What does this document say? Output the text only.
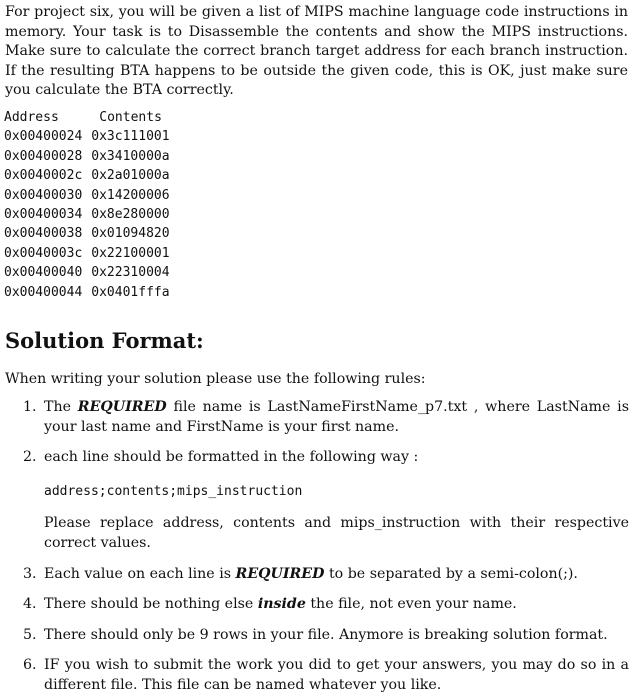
For project six, you will be given a list of MIPS machine language code instructions in memory. Your task is to Disassemble the contents and show the MIPS instructions. Make sure to calculate the correct branch target address for each branch instruction. If the resulting BTA happens to be outside the given code, this is OK, just make sure you calculate the BTA correctly.

Address	Contents
0x00400024	0x3c111001
0x00400028	0x3410000a
0x0040002c	0x2a01000a
0x00400030	0x14200006
0x00400034	0x8e280000
0x00400038	0x01094820
0x0040003c	0x22100001
0x00400040	0x22310004
0x00400044	0x0401fffa
Solution Format:

When writing your solution please use the following rules:

1. The REQUIRED file name is LastNameFirstName_p7.txt , where LastName is your last name and FirstName is your first name.
2. each line should be formatted in the following way :
address;contents;mips_instruction
Please replace address, contents and mips_instruction with their respective correct values.
3. Each value on each line is REQUIRED to be separated by a semi-colon(;).
4. There should be nothing else inside the file, not even your name.
5. There should only be 9 rows in your file. Anymore is breaking solution format.
6. IF you wish to submit the work you did to get your answers, you may do so in a different file. This file can be named whatever you like.
